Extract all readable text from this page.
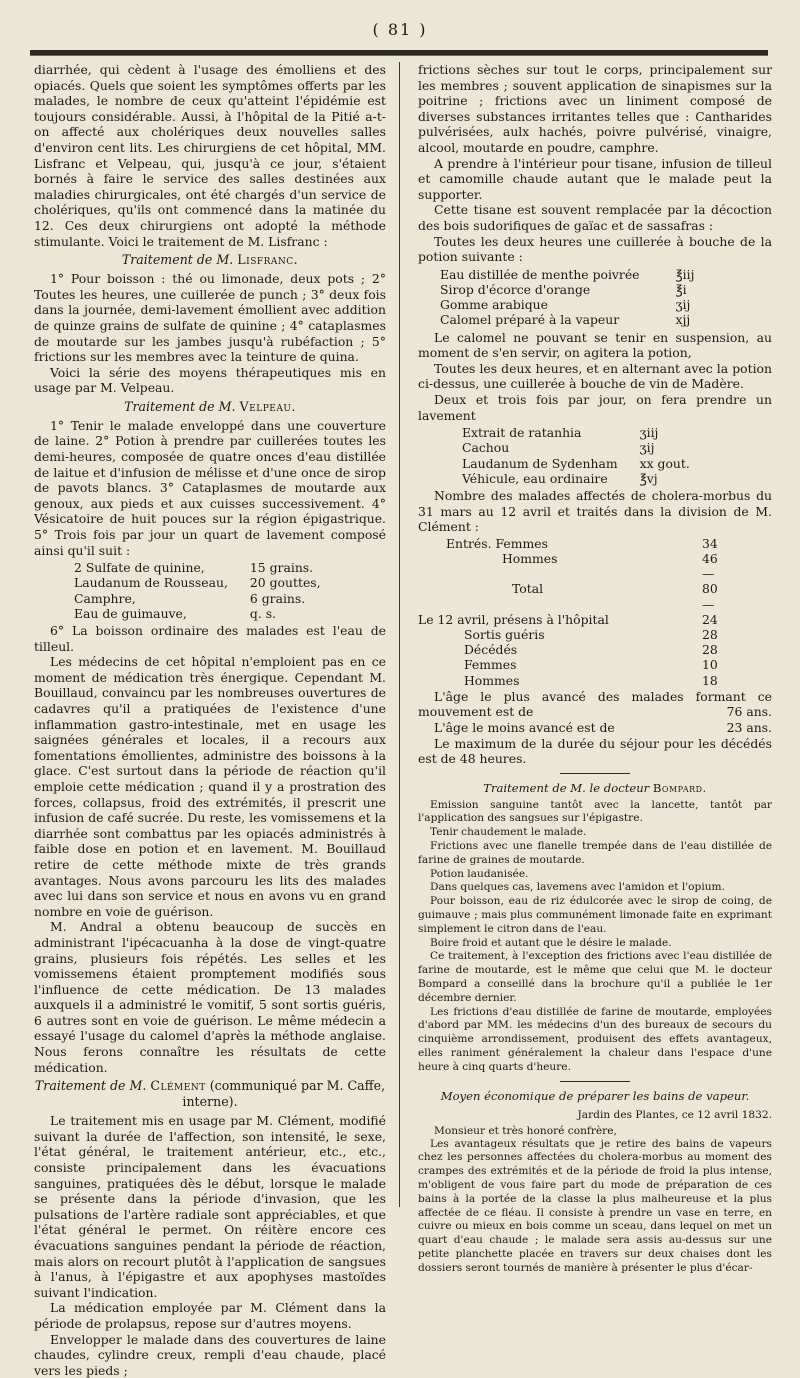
( 81 )

diarrhée, qui cèdent à l'usage des émolliens et des opiacés. Quels que soient les symptômes offerts par les malades, le nombre de ceux qu'atteint l'épidémie est toujours considérable. Aussi, à l'hôpital de la Pitié a-t-on affecté aux cholériques deux nouvelles salles d'environ cent lits. Les chirurgiens de cet hôpital, MM. Lisfranc et Velpeau, qui, jusqu'à ce jour, s'étaient bornés à faire le service des salles destinées aux maladies chirurgicales, ont été chargés d'un service de cholériques, qu'ils ont commencé dans la matinée du 12. Ces deux chirurgiens ont adopté la méthode stimulante. Voici le traitement de M. Lisfranc :

Traitement de M. Lisfranc.

1° Pour boisson : thé ou limonade, deux pots ; 2° Toutes les heures, une cuillerée de punch ; 3° deux fois dans la journée, demi-lavement émollient avec addition de quinze grains de sulfate de quinine ; 4° cataplasmes de moutarde sur les jambes jusqu'à rubéfaction ; 5° frictions sur les membres avec la teinture de quina.

Voici la série des moyens thérapeutiques mis en usage par M. Velpeau.

Traitement de M. Velpeau.

1° Tenir le malade enveloppé dans une couverture de laine. 2° Potion à prendre par cuillerées toutes les demi-heures, composée de quatre onces d'eau distillée de laitue et d'infusion de mélisse et d'une once de sirop de pavots blancs. 3° Cataplasmes de moutarde aux genoux, aux pieds et aux cuisses successivement. 4° Vésicatoire de huit pouces sur la région épigastrique. 5° Trois fois par jour un quart de lavement composé ainsi qu'il suit :

2 Sulfate de quinine,	15 grains.
Laudanum de Rousseau,	20 gouttes,
Camphre,	6 grains.
Eau de guimauve,	q. s.

6° La boisson ordinaire des malades est l'eau de tilleul.

Les médecins de cet hôpital n'emploient pas en ce moment de médication très énergique. Cependant M. Bouillaud, convaincu par les nombreuses ouvertures de cadavres qu'il a pratiquées de l'existence d'une inflammation gastro-intestinale, met en usage les saignées générales et locales, il a recours aux fomentations émollientes, administre des boissons à la glace. C'est surtout dans la période de réaction qu'il emploie cette médication ; quand il y a prostration des forces, collapsus, froid des extrémités, il prescrit une infusion de café sucrée. Du reste, les vomissemens et la diarrhée sont combattus par les opiacés administrés à faible dose en potion et en lavement. M. Bouillaud retire de cette méthode mixte de très grands avantages. Nous avons parcouru les lits des malades avec lui dans son service et nous en avons vu en grand nombre en voie de guérison.

M. Andral a obtenu beaucoup de succès en administrant l'ipécacuanha à la dose de vingt-quatre grains, plusieurs fois répétés. Les selles et les vomissemens étaient promptement modifiés sous l'influence de cette médication. De 13 malades auxquels il a administré le vomitif, 5 sont sortis guéris, 6 autres sont en voie de guérison. Le même médecin a essayé l'usage du calomel d'après la méthode anglaise. Nous ferons connaître les résultats de cette médication.

Traitement de M. Clément (communiqué par M. Caffe, interne).

Le traitement mis en usage par M. Clément, modifié suivant la durée de l'affection, son intensité, le sexe, l'état général, le traitement antérieur, etc., etc., consiste principalement dans les évacuations sanguines, pratiquées dès le début, lorsque le malade se présente dans la période d'invasion, que les pulsations de l'artère radiale sont appréciables, et que l'état général le permet. On réitère encore ces évacuations sanguines pendant la période de réaction, mais alors on recourt plutôt à l'application de sangsues à l'anus, à l'épigastre et aux apophyses mastoïdes suivant l'indication.

La médication employée par M. Clément dans la période de prolapsus, repose sur d'autres moyens.

Envelopper le malade dans des couvertures de laine chaudes, cylindre creux, rempli d'eau chaude, placé vers les pieds ;

frictions sèches sur tout le corps, principalement sur les membres ; souvent application de sinapismes sur la poitrine ; frictions avec un liniment composé de diverses substances irritantes telles que : Cantharides pulvérisées, aulx hachés, poivre pulvérisé, vinaigre, alcool, moutarde en poudre, camphre.

A prendre à l'intérieur pour tisane, infusion de tilleul et camomille chaude autant que le malade peut la supporter.

Cette tisane est souvent remplacée par la décoction des bois sudorifiques de gaïac et de sassafras :

Toutes les deux heures une cuillerée à bouche de la potion suivante :

Eau distillée de menthe poivrée	℥iij
Sirop d'écorce d'orange	℥i
Gomme arabique	ʒij
Calomel préparé à la vapeur	xjj

Le calomel ne pouvant se tenir en suspension, au moment de s'en servir, on agitera la potion,

Toutes les deux heures, et en alternant avec la potion ci-dessus, une cuillerée à bouche de vin de Madère.

Deux et trois fois par jour, on fera prendre un lavement

Extrait de ratanhia	ʒiij
Cachou	ʒij
Laudanum de Sydenham	xx gout.
Véhicule, eau ordinaire	℥vj

Nombre des malades affectés de cholera-morbus du 31 mars au 12 avril et traités dans la division de M. Clément :

Entrés. Femmes	34
Hommes	46
	—
Total	80
	—
Le 12 avril, présens à l'hôpital	24
Sortis guéris	28
Décédés	28
Femmes	10
Hommes	18

L'âge le plus avancé des malades formant ce mouvement est de	76 ans.

L'âge le moins avancé est de	23 ans.

Le maximum de la durée du séjour pour les décédés est de 48 heures.

Traitement de M. le docteur Bompard.

Emission sanguine tantôt avec la lancette, tantôt par l'application des sangsues sur l'épigastre.

Tenir chaudement le malade.

Frictions avec une flanelle trempée dans de l'eau distillée de farine de graines de moutarde.

Potion laudanisée.

Dans quelques cas, lavemens avec l'amidon et l'opium.

Pour boisson, eau de riz édulcorée avec le sirop de coing, de guimauve ; mais plus communément limonade faite en exprimant simplement le citron dans de l'eau.

Boire froid et autant que le désire le malade.

Ce traitement, à l'exception des frictions avec l'eau distillée de farine de moutarde, est le même que celui que M. le docteur Bompard a conseillé dans la brochure qu'il a publiée le 1er décembre dernier.

Les frictions d'eau distillée de farine de moutarde, employées d'abord par MM. les médecins d'un des bureaux de secours du cinquième arrondissement, produisent des effets avantageux, elles raniment généralement la chaleur dans l'espace d'une heure à cinq quarts d'heure.

Moyen économique de préparer les bains de vapeur.
Jardin des Plantes, ce 12 avril 1832.
Monsieur et très honoré confrère,

Les avantageux résultats que je retire des bains de vapeurs chez les personnes affectées du cholera-morbus au moment des crampes des extrémités et de la période de froid la plus intense, m'obligent de vous faire part du mode de préparation de ces bains à la portée de la classe la plus malheureuse et la plus affectée de ce fléau. Il consiste à prendre un vase en terre, en cuivre ou mieux en bois comme un sceau, dans lequel on met un quart d'eau chaude ; le malade sera assis au-dessus sur une petite planchette placée en travers sur deux chaises dont les dossiers seront tournés de manière à présenter le plus d'écar-
